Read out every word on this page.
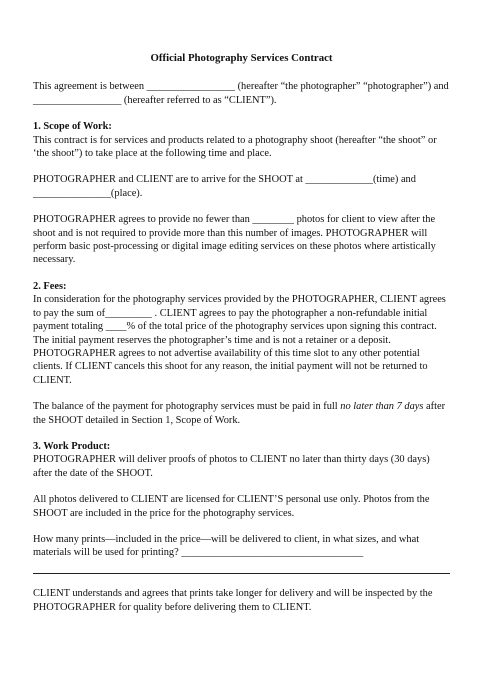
Official Photography Services Contract

This agreement is between _________________ (hereafter “the photographer” “photographer”) and _________________ (hereafter referred to as “CLIENT”).

1. Scope of Work:

This contract is for services and products related to a photography shoot (hereafter “the shoot” or ‘the shoot”) to take place at the following time and place.

PHOTOGRAPHER and CLIENT are to arrive for the SHOOT at _____________(time) and _______________(place).

PHOTOGRAPHER agrees to provide no fewer than ________ photos for client to view after the shoot and is not required to provide more than this number of images. PHOTOGRAPHER will perform basic post-processing or digital image editing services on these photos where artistically necessary.

2. Fees:

In consideration for the photography services provided by the PHOTOGRAPHER, CLIENT agrees to pay the sum of_________ . CLIENT agrees to pay the photographer a non-refundable initial payment totaling ____% of the total price of the photography services upon signing this contract. The initial payment reserves the photographer’s time and is not a retainer or a deposit. PHOTOGRAPHER agrees to not advertise availability of this time slot to any other potential clients. If CLIENT cancels this shoot for any reason, the initial payment will not be returned to CLIENT.

The balance of the payment for photography services must be paid in full no later than 7 days after the SHOOT detailed in Section 1, Scope of Work.

3. Work Product:

PHOTOGRAPHER will deliver proofs of photos to CLIENT no later than thirty days (30 days) after the date of the SHOOT.

All photos delivered to CLIENT are licensed for CLIENT’S personal use only. Photos from the SHOOT are included in the price for the photography services.

How many prints—included in the price—will be delivered to client, in what sizes, and what materials will be used for printing? ___________________________________

CLIENT understands and agrees that prints take longer for delivery and will be inspected by the PHOTOGRAPHER for quality before delivering them to CLIENT.
